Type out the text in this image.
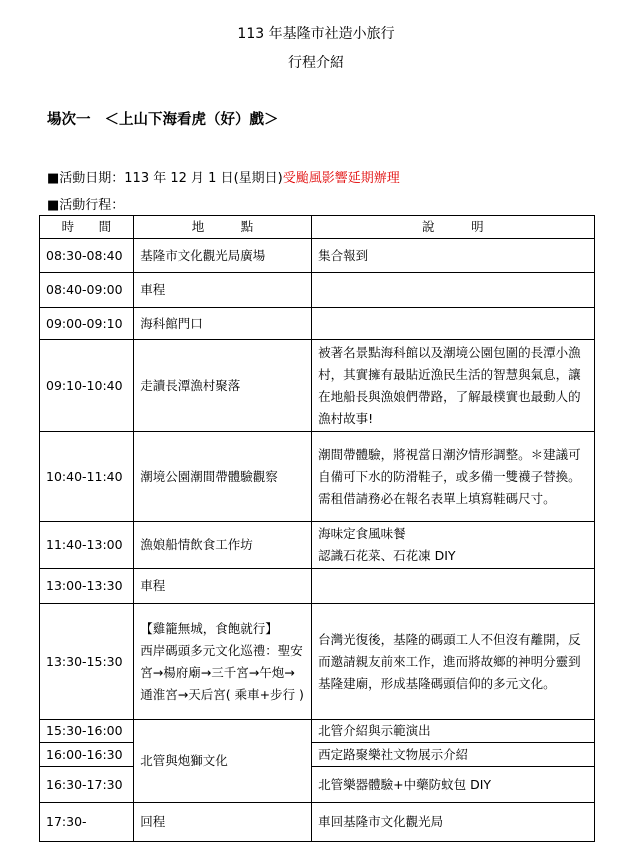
113 年基隆市社造小旅行
行程介紹
場次一 ＜上山下海看虎（好）戲＞
■活動日期：113 年 12 月 1 日(星期日)受颱風影響延期辦理
■活動行程：
時 間	地 點	說 明
08:30-08:40	基隆市文化觀光局廣場	集合報到
08:40-09:00	車程	
09:00-09:10	海科館門口	
09:10-10:40	走讀長潭漁村聚落	被著名景點海科館以及潮境公園包圍的長潭小漁村，其實擁有最貼近漁民生活的智慧與氣息，讓在地船長與漁娘們帶路，了解最樸實也最動人的漁村故事!
10:40-11:40	潮境公園潮間帶體驗觀察	潮間帶體驗，將視當日潮汐情形調整。＊建議可自備可下水的防滑鞋子，或多備一雙襪子替換。需租借請務必在報名表單上填寫鞋碼尺寸。
11:40-13:00	漁娘船情飲食工作坊	海味定食風味餐
認識石花菜、石花凍 DIY

13:00-13:30	車程	
13:30-15:30	【雞籠無城，食飽就行】
西岸碼頭多元文化巡禮：聖安宮→楊府廟→三千宮→午炮→通淮宮→天后宮( 乘車+步行 )	台灣光復後，基隆的碼頭工人不但沒有離開，反而邀請親友前來工作，進而將故鄉的神明分靈到基隆建廟，形成基隆碼頭信仰的多元文化。
15:30-16:00	北管與炮獅文化	北管介紹與示範演出
16:00-16:30		西定路聚樂社文物展示介紹
16:30-17:30		北管樂器體驗+中藥防蚊包 DIY
17:30-	回程	車回基隆市文化觀光局
